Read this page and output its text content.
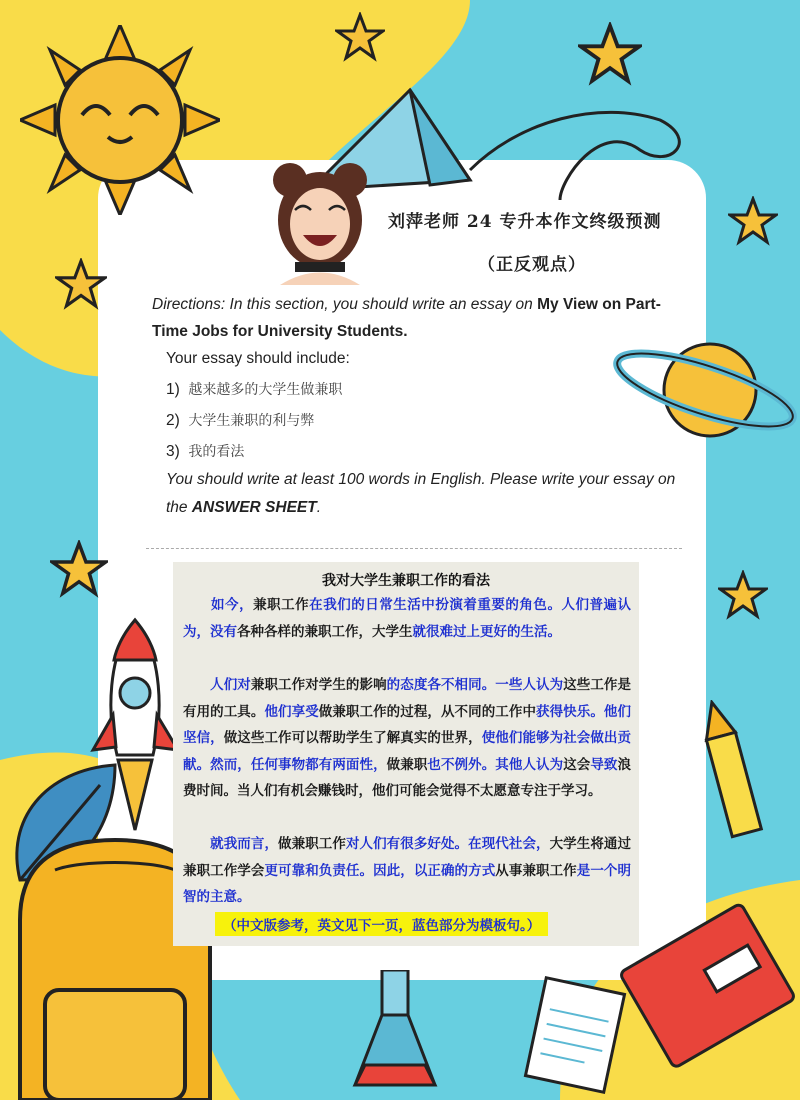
刘萍老师 24 专升本作文终级预测
（正反观点）
Directions: In this section, you should write an essay on My View on Part-Time Jobs for University Students.
Your essay should include:
1) 越来越多的大学生做兼职
2) 大学生兼职的利与弊
3) 我的看法
You should write at least 100 words in English. Please write your essay on the ANSWER SHEET.
我对大学生兼职工作的看法
　　如今，兼职工作在我们的日常生活中扮演着重要的角色。人们普遍认为，没有各种各样的兼职工作，大学生就很难过上更好的生活。
　　人们对兼职工作对学生的影响的态度各不相同。一些人认为这些工作是有用的工具。他们享受做兼职工作的过程，从不同的工作中获得快乐。他们坚信，做这些工作可以帮助学生了解真实的世界，使他们能够为社会做出贡献。然而，任何事物都有两面性，做兼职也不例外。其他人认为这会导致浪费时间。当人们有机会赚钱时，他们可能会觉得不太愿意专注于学习。
　　就我而言，做兼职工作对人们有很多好处。在现代社会，大学生将通过兼职工作学会更可靠和负责任。因此，以正确的方式从事兼职工作是一个明智的主意。
（中文版参考，英文见下一页，蓝色部分为模板句。）
